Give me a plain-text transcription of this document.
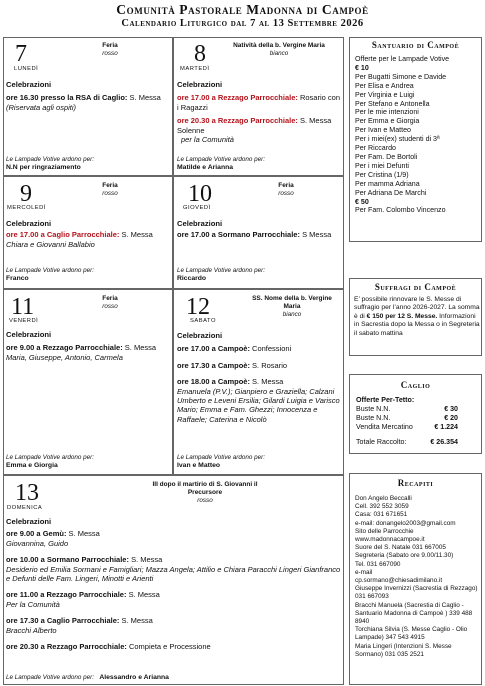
Comunità Pastorale Madonna di Campoè
Calendario Liturgico dal 7 al 13 Settembre 2026
7
LUNEDÌ
Feria
rosso
Celebrazioni
ore 16.30 presso la RSA di Caglio: S. Messa
(Riservata agli ospiti)
Le Lampade Votive ardono per:
N.N per ringraziamento
8
MARTEDÌ
Natività della b. Vergine Maria
bianco
Celebrazioni
ore 17.00 a Rezzago Parrocchiale: Rosario con i Ragazzi
ore 20.30 a Rezzago Parrocchiale: S. Messa Solenne
per la Comunità
Le Lampade Votive ardono per:
Matilde e Arianna
9
MERCOLEDÌ
Feria
rosso
Celebrazioni
ore 17.00 a Caglio Parrocchiale: S. Messa
Chiara e Giovanni Ballabio
Le Lampade Votive ardono per:
Franco
10
GIOVEDÌ
Feria
rosso
Celebrazioni
ore 17.00 a Sormano Parrocchiale: S Messa
Le Lampade Votive ardono per:
Riccardo
11
VENERDÌ
Feria
rosso
Celebrazioni
ore 9.00 a Rezzago Parrocchiale: S. Messa
Maria, Giuseppe, Antonio, Carmela
Le Lampade Votive ardono per:
Emma e Giorgia
12
SABATO
SS. Nome della b. Vergine Maria
bianco
Celebrazioni
ore 17.00 a Campoè: Confessioni
ore 17.30 a Campoè: S. Rosario
ore 18.00 a Campoè: S. Messa
Emanuela (P.V.); Gianpiero e Graziella; Calzani Umberto e Leveni Ersilia; Gilardi Luigia e Varisco Mario; Emma e Fam. Ghezzi; Innocenza e Raffaele; Caterina e Nicolò
Le Lampade Votive ardono per:
Ivan e Matteo
13
DOMENICA
III dopo il martirio di S. Giovanni il Precursore
rosso
Celebrazioni
ore 9.00 a Gemù: S. Messa
Giovannina, Guido
ore 10.00 a Sormano Parrocchiale: S. Messa
Desiderio ed Emilia Sormani e Famigliari; Mazza Angela; Attilio e Chiara Paracchi Lingeri Gianfranco e Defunti delle Fam. Lingeri, Minotti e Arienti
ore 11.00 a Rezzago Parrocchiale: S. Messa
Per la Comunità
ore 17.30 a Caglio Parrocchiale: S. Messa
Bracchi Alberto
ore 20.30 a Rezzago Parrocchiale: Compieta e Processione
Le Lampade Votive ardono per: Alessandro e Arianna
Santuario di Campoè
Offerte per le Lampade Votive
€ 10
Per Bugatti Simone e Davide
Per Elisa e Andrea
Per Virginia e Luigi
Per Stefano e Antonella
Per le mie intenzioni
Per Emma e Giorgia
Per Ivan e Matteo
Per i miei(ex) studenti di 3ª
Per Riccardo
Per Fam. De Bortoli
Per i miei Defunti
Per Cristina (1/9)
Per mamma Adriana
Per Adriana De Marchi
€ 50
Per Fam. Colombo Vincenzo
Suffragi di Campoè
E’ possibile rinnovare le S. Messe di suffragio per l’anno 2026-2027. La somma è di € 150 per 12 S. Messe. Informazioni in Sacrestia dopo la Messa o in Segreteria il sabato mattina
Caglio
Offerte Per-Tetto:
Buste N.N.	€ 30
Buste N.N.	€ 20
Vendita Mercatino	€ 1.224
Totale Raccolto:	€ 26.354
Recapiti
Don Angelo Beccalli
Cell. 392 552 3059
Casa: 031 671651
e-mail: donangelo2003@gmail.com
Sito delle Parrocchie
www.madonnacampoe.it
Suore del S. Natale 031 667005
Segreteria (Sabato ore 9.00/11.30)
Tel. 031 667090
e-mail
cp.sormano@chiesadimilano.it
Giuseppe Invernizzi (Sacrestia di Rezzago) 031 667093
Bracchi Manuela (Sacrestia di Caglio - Santuario Madonna di Campoè ) 339 488 8940
Torchiana Silvia (S. Messe Caglio - Olio Lampade) 347 543 4915
Maria Lingeri (Intenzioni S. Messe Sormano) 031 035 2521
